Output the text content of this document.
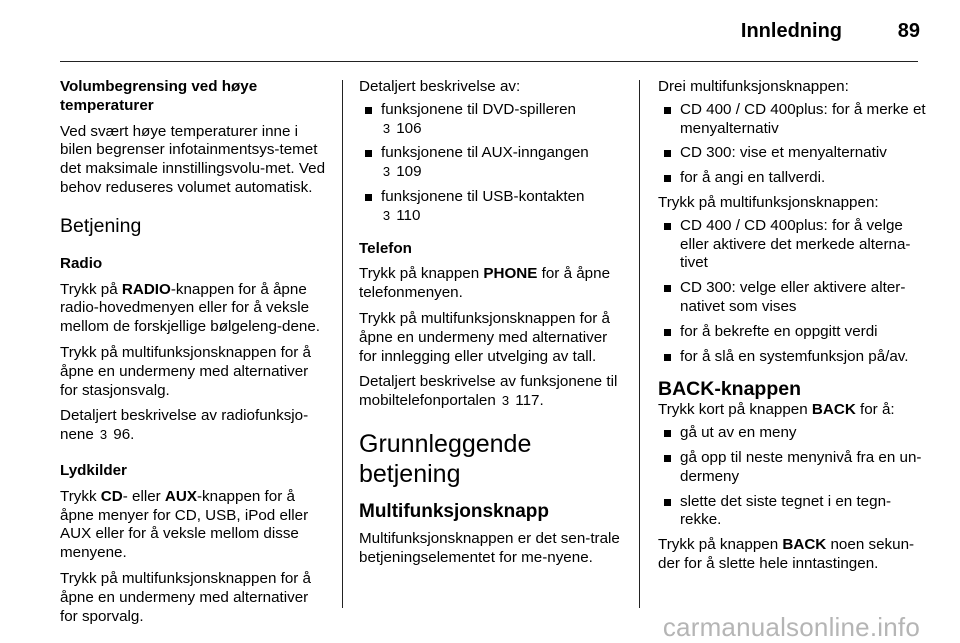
Innledning	89

Volumbegrensing ved høye temperaturer

Ved svært høye temperaturer inne i bilen begrenser infotainmentsys-temet det maksimale innstillingsvolu-met. Ved behov reduseres volumet automatisk.

Betjening

Radio

Trykk på RADIO-knappen for å åpne radio-hovedmenyen eller for å veksle mellom de forskjellige bølgeleng-dene.

Trykk på multifunksjonsknappen for å åpne en undermeny med alternativer for stasjonsvalg.

Detaljert beskrivelse av radiofunksjo-nene 3 96.

Lydkilder

Trykk CD- eller AUX-knappen for å åpne menyer for CD, USB, iPod eller AUX eller for å veksle mellom disse menyene.

Trykk på multifunksjonsknappen for å åpne en undermeny med alternativer for sporvalg.

Detaljert beskrivelse av:

funksjonene til DVD-spilleren
3 106
funksjonene til AUX-inngangen
3 109
funksjonene til USB-kontakten
3 110

Telefon

Trykk på knappen PHONE for å åpne telefonmenyen.

Trykk på multifunksjonsknappen for å åpne en undermeny med alternativer for innlegging eller utvelging av tall.

Detaljert beskrivelse av funksjonene til mobiltelefonportalen 3 117.

Grunnleggende betjening

Multifunksjonsknapp

Multifunksjonsknappen er det sen-trale betjeningselementet for me-nyene.

Drei multifunksjonsknappen:

CD 400 / CD 400plus: for å merke et menyalternativ
CD 300: vise et menyalternativ
for å angi en tallverdi.

Trykk på multifunksjonsknappen:

CD 400 / CD 400plus: for å velge eller aktivere det merkede alterna-tivet
CD 300: velge eller aktivere alter-nativet som vises
for å bekrefte en oppgitt verdi
for å slå en systemfunksjon på/av.
BACK-knappen

Trykk kort på knappen BACK for å:

gå ut av en meny
gå opp til neste menynivå fra en un-dermeny
slette det siste tegnet i en tegn-rekke.

Trykk på knappen BACK noen sekun-der for å slette hele inntastingen.

carmanualsonline.info
